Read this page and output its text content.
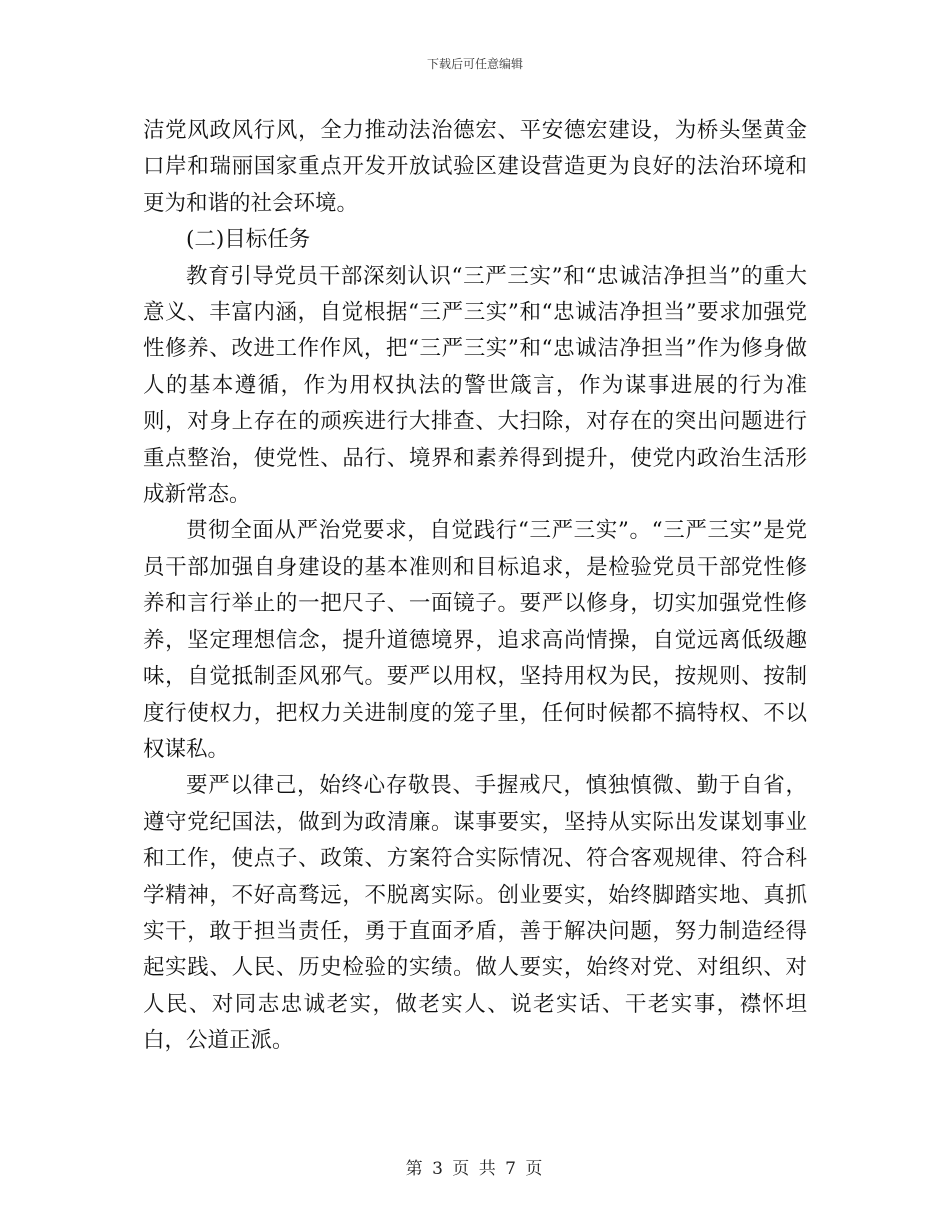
下载后可任意编辑

洁党风政风行风，全力推动法治德宏、平安德宏建设，为桥头堡黄金口岸和瑞丽国家重点开发开放试验区建设营造更为良好的法治环境和更为和谐的社会环境。

(二)目标任务

教育引导党员干部深刻认识“三严三实”和“忠诚洁净担当”的重大意义、丰富内涵，自觉根据“三严三实”和“忠诚洁净担当”要求加强党性修养、改进工作作风，把“三严三实”和“忠诚洁净担当”作为修身做人的基本遵循，作为用权执法的警世箴言，作为谋事进展的行为准则，对身上存在的顽疾进行大排查、大扫除，对存在的突出问题进行重点整治，使党性、品行、境界和素养得到提升，使党内政治生活形成新常态。

贯彻全面从严治党要求，自觉践行“三严三实”。“三严三实”是党员干部加强自身建设的基本准则和目标追求，是检验党员干部党性修养和言行举止的一把尺子、一面镜子。要严以修身，切实加强党性修养，坚定理想信念，提升道德境界，追求高尚情操，自觉远离低级趣味，自觉抵制歪风邪气。要严以用权，坚持用权为民，按规则、按制度行使权力，把权力关进制度的笼子里，任何时候都不搞特权、不以权谋私。

要严以律己，始终心存敬畏、手握戒尺，慎独慎微、勤于自省，遵守党纪国法，做到为政清廉。谋事要实，坚持从实际出发谋划事业和工作，使点子、政策、方案符合实际情况、符合客观规律、符合科学精神，不好高骛远，不脱离实际。创业要实，始终脚踏实地、真抓实干，敢于担当责任，勇于直面矛盾，善于解决问题，努力制造经得起实践、人民、历史检验的实绩。做人要实，始终对党、对组织、对人民、对同志忠诚老实，做老实人、说老实话、干老实事，襟怀坦白，公道正派。

第 3 页 共 7 页
